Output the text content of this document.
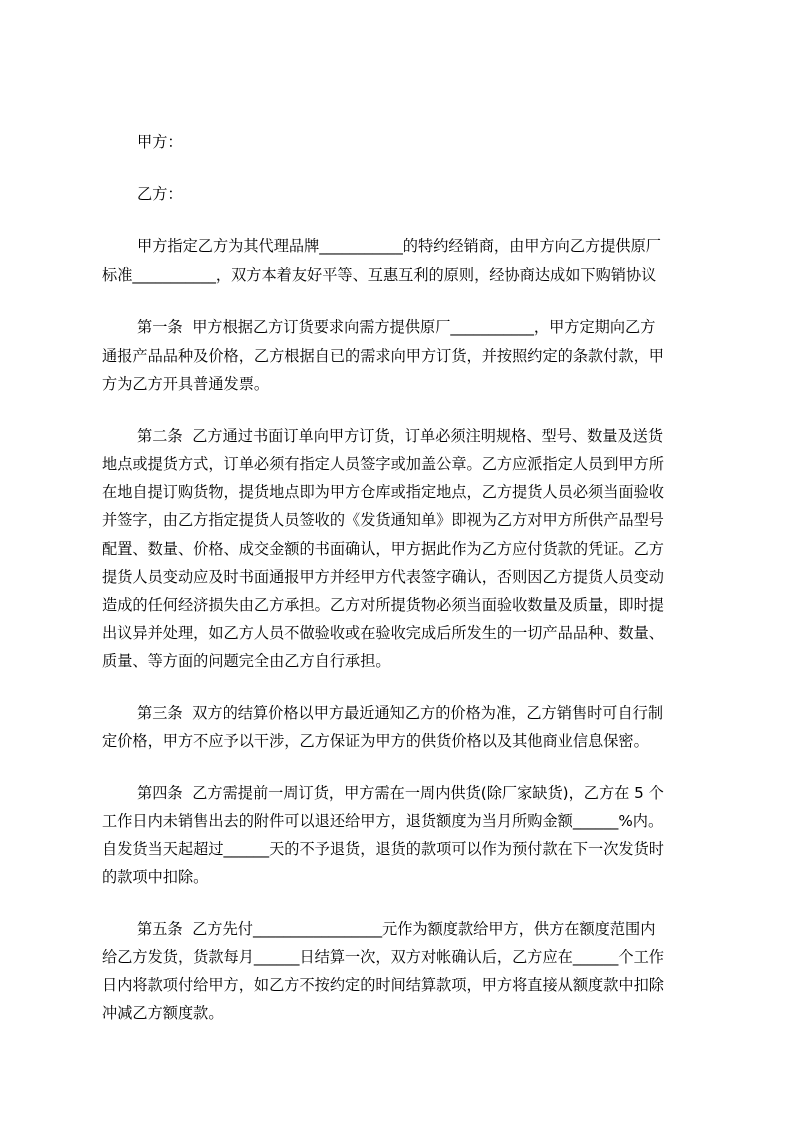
甲方：
乙方：
甲方指定乙方为其代理品牌___________的特约经销商，由甲方向乙方提供原厂
标准___________，双方本着友好平等、互惠互利的原则，经协商达成如下购销协议
第一条  甲方根据乙方订货要求向需方提供原厂___________，甲方定期向乙方
通报产品品种及价格，乙方根据自已的需求向甲方订货，并按照约定的条款付款，甲
方为乙方开具普通发票。
第二条  乙方通过书面订单向甲方订货，订单必须注明规格、型号、数量及送货
地点或提货方式，订单必须有指定人员签字或加盖公章。乙方应派指定人员到甲方所
在地自提订购货物，提货地点即为甲方仓库或指定地点，乙方提货人员必须当面验收
并签字，由乙方指定提货人员签收的《发货通知单》即视为乙方对甲方所供产品型号
配置、数量、价格、成交金额的书面确认，甲方据此作为乙方应付货款的凭证。乙方
提货人员变动应及时书面通报甲方并经甲方代表签字确认，否则因乙方提货人员变动
造成的任何经济损失由乙方承担。乙方对所提货物必须当面验收数量及质量，即时提
出议异并处理，如乙方人员不做验收或在验收完成后所发生的一切产品品种、数量、
质量、等方面的问题完全由乙方自行承担。
第三条  双方的结算价格以甲方最近通知乙方的价格为准，乙方销售时可自行制
定价格，甲方不应予以干涉，乙方保证为甲方的供货价格以及其他商业信息保密。
第四条  乙方需提前一周订货，甲方需在一周内供货(除厂家缺货)，乙方在 5 个
工作日内未销售出去的附件可以退还给甲方，退货额度为当月所购金额______%内。
自发货当天起超过______天的不予退货，退货的款项可以作为预付款在下一次发货时
的款项中扣除。
第五条  乙方先付_________________元作为额度款给甲方，供方在额度范围内
给乙方发货，货款每月______日结算一次，双方对帐确认后，乙方应在______个工作
日内将款项付给甲方，如乙方不按约定的时间结算款项，甲方将直接从额度款中扣除
冲减乙方额度款。
